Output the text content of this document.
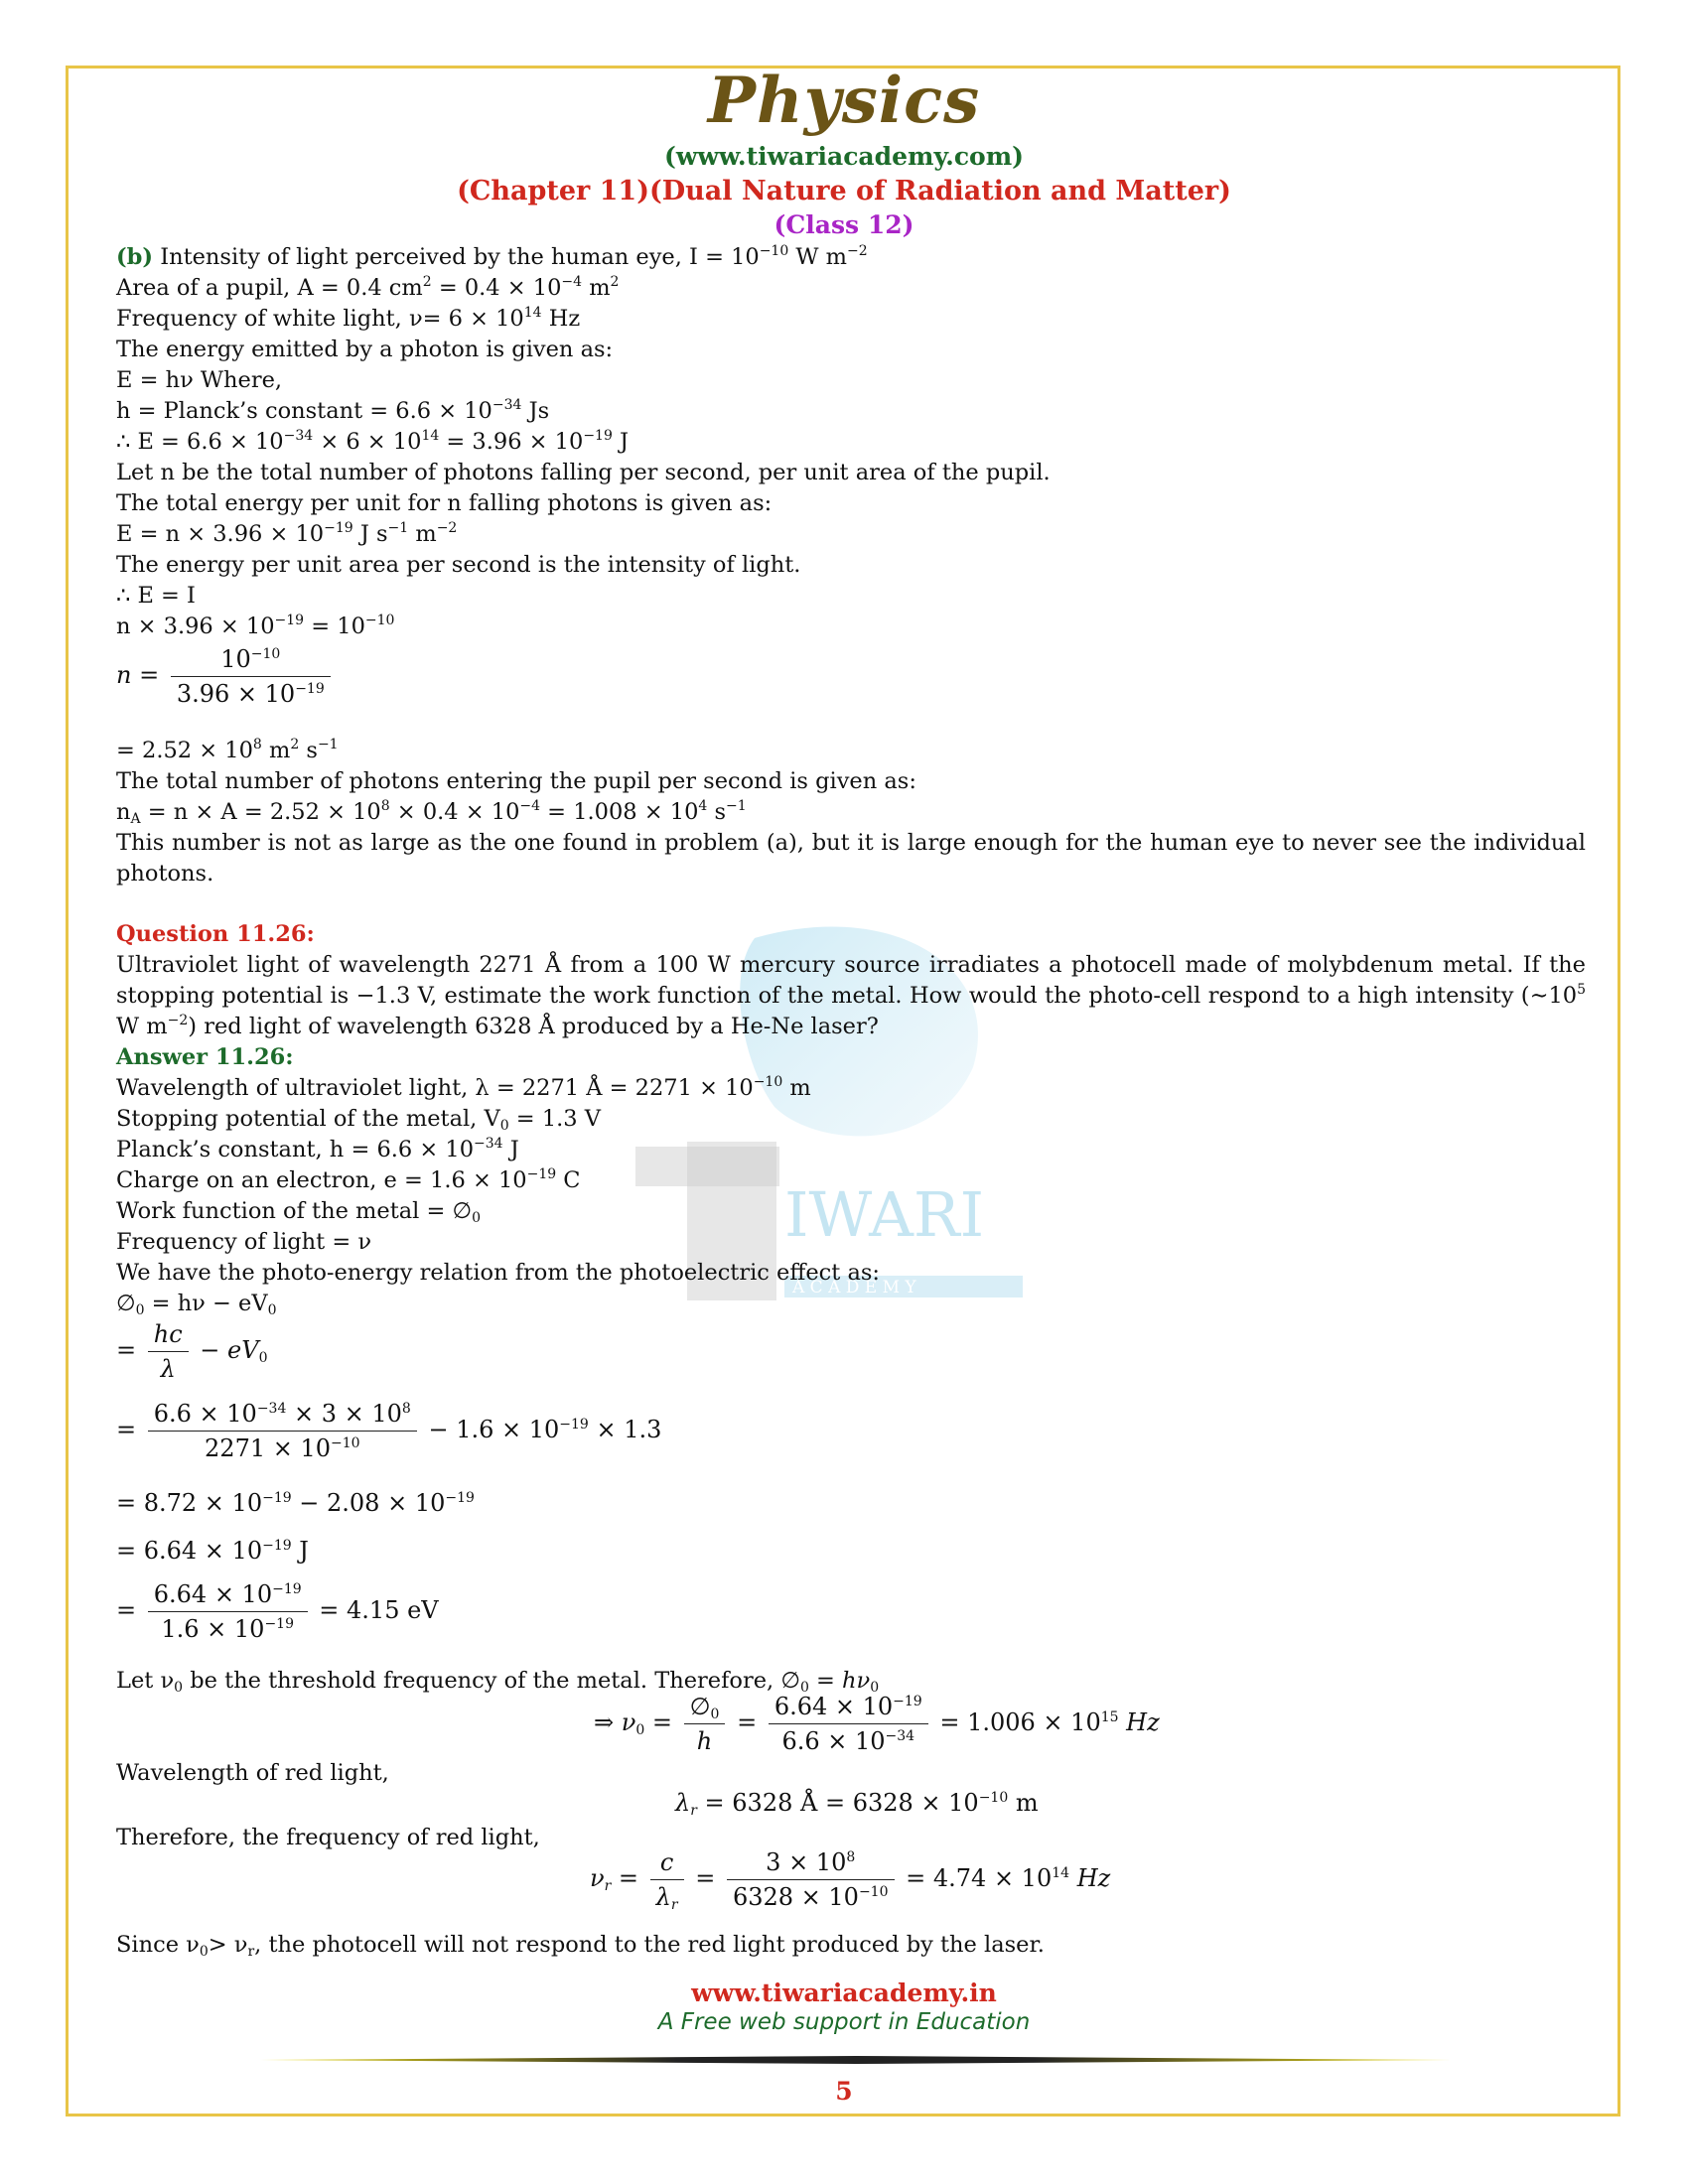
IWARI
A C A D E M Y
Physics
(www.tiwariacademy.com)
(Chapter 11)(Dual Nature of Radiation and Matter)
(Class 12)
(b) Intensity of light perceived by the human eye, $I = 10^{-10}$ W $m^{-2}$
Area of a pupil, A = 0.4 $cm^2 = 0.4 \times 10^{-4}$ $m^2$
Frequency of white light, $\nu= 6 \times 10^{14}$ Hz
The energy emitted by a photon is given as:
E = hν Where,
h = Planck’s constant = $6.6 \times 10^{-34}$ Js
∴ $E = 6.6 \times 10^{-34} \times 6 \times 10^{14} = 3.96 \times 10^{-19}$ J
Let n be the total number of photons falling per second, per unit area of the pupil.
The total energy per unit for n falling photons is given as:
$E = n \times 3.96 \times 10^{-19}$ J $s^{-1}$ $m^{-2}$
The energy per unit area per second is the intensity of light.
∴ E = I
$n \times 3.96 \times 10^{-19} = 10^{-10}$
$n = \frac{10^{-10}}{3.96 \times 10^{-19}}$
= $2.52 \times 10^8$ $m^2$ $s^{-1}$
The total number of photons entering the pupil per second is given as:
$n_A = n \times A = 2.52 \times 10^8 \times 0.4 \times 10^{-4} = 1.008 \times 10^4$ $s^{-1}$
This number is not as large as the one found in problem (a), but it is large enough for the human eye to never see the individual photons.
Question 11.26:
Ultraviolet light of wavelength 2271 Å from a 100 W mercury source irradiates a photocell made of molybdenum metal. If the stopping potential is −1.3 V, estimate the work function of the metal. How would the photo-cell respond to a high intensity ($\sim 10^5$ W $m^{-2}$) red light of wavelength 6328 Å produced by a He-Ne laser?
Answer 11.26:
Wavelength of ultraviolet light, λ = 2271 Å = $2271 \times 10^{-10}$ m
Stopping potential of the metal, $V_0 = 1.3$ V
Planck’s constant, $h = 6.6 \times 10^{-34}$ J
Charge on an electron, $e = 1.6 \times 10^{-19}$ C
Work function of the metal = $\emptyset_0$
Frequency of light = ν
We have the photo-energy relation from the photoelectric effect as:
$\emptyset_0 = h\nu - eV_0$
= $\frac{hc}{\lambda} - eV_0$
= $\frac{6.6 \times 10^{-34} \times 3 \times 10^8}{2271 \times 10^{-10}} - 1.6 \times 10^{-19} \times 1.3$
= $8.72 \times 10^{-19} - 2.08 \times 10^{-19}$
= $6.64 \times 10^{-19}$ J
= $\frac{6.64 \times 10^{-19}}{1.6 \times 10^{-19}} = 4.15$ eV
Let $\nu_0$ be the threshold frequency of the metal. Therefore, $\emptyset_0 = h\nu_0$
⇒ $\nu_0 = \frac{\emptyset_0}{h} = \frac{6.64 \times 10^{-19}}{6.6 \times 10^{-34}} = 1.006 \times 10^{15}$ Hz
Wavelength of red light,
$\lambda_r = 6328$ Å = $6328 \times 10^{-10}$ m
Therefore, the frequency of red light,
$\nu_r = \frac{c}{\lambda_r} = \frac{3 \times 10^8}{6328 \times 10^{-10}} = 4.74 \times 10^{14}$ Hz
Since $\nu_0> \nu_r$, the photocell will not respond to the red light produced by the laser.
www.tiwariacademy.in
A Free web support in Education
5
